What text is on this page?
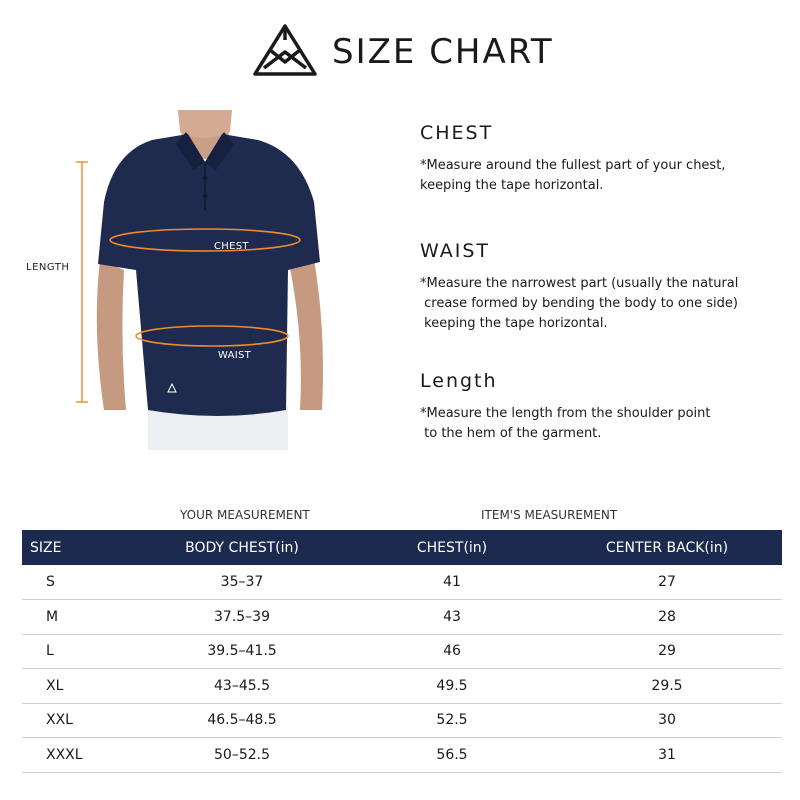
SIZE CHART
LENGTH
CHEST
WAIST
CHEST

*Measure around the fullest part of your chest,

keeping the tape horizontal.

WAIST

*Measure the narrowest part (usually the natural

crease formed by bending the body to one side)

keeping the tape horizontal.

Length

*Measure the length from the shoulder point

to the hem of the garment.

YOUR MEASUREMENT	ITEM'S MEASUREMENT
SIZE	BODY CHEST(in)	CHEST(in)	CENTER BACK(in)
S	35–37	41	27
M	37.5–39	43	28
L	39.5–41.5	46	29
XL	43–45.5	49.5	29.5
XXL	46.5–48.5	52.5	30
XXXL	50–52.5	56.5	31
